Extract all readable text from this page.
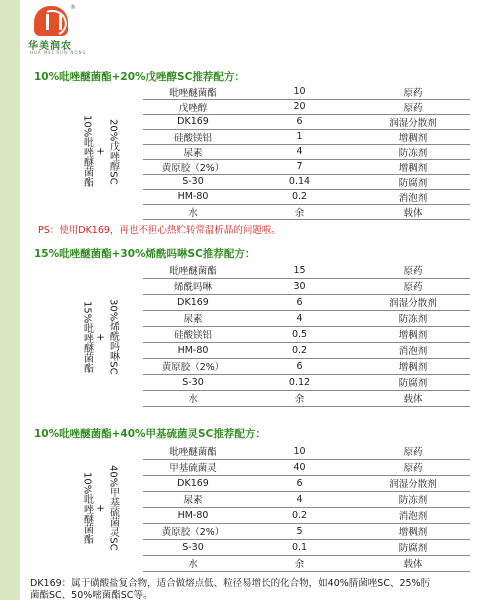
®
华美润农
HUA MEI RUN NONG
10%吡唑醚菌酯+20%戊唑醇SC推荐配方：
10%吡唑醚菌酯 + 20%戊唑醇SC
吡唑醚菌酯	10	原药
戊唑醇	20	原药
DK169	6	润湿分散剂
硅酸镁铝	1	增稠剂
尿素	4	防冻剂
黄原胶（2%）	7	增稠剂
S-30	0.14	防腐剂
HM-80	0.2	消泡剂
水	余	载体
PS：使用DK169，再也不担心热贮转常温析晶的问题啦。
15%吡唑醚菌酯+30%烯酰吗啉SC推荐配方：
15%吡唑醚菌酯 + 30%烯酰吗啉SC
吡唑醚菌酯	15	原药
烯酰吗啉	30	原药
DK169	6	润湿分散剂
尿素	4	防冻剂
硅酸镁铝	0.5	增稠剂
HM-80	0.2	消泡剂
黄原胶（2%）	6	增稠剂
S-30	0.12	防腐剂
水	余	载体
10%吡唑醚菌酯+40%甲基硫菌灵SC推荐配方：
10%吡唑醚菌酯 + 40%甲基硫菌灵SC
吡唑醚菌酯	10	原药
甲基硫菌灵	40	原药
DK169	6	润湿分散剂
尿素	4	防冻剂
HM-80	0.2	消泡剂
黄原胶（2%）	5	增稠剂
S-30	0.1	防腐剂
水	余	载体
DK169：属于磺酸盐复合物，适合做熔点低、粒径易增长的化合物，如40%腈菌唑SC、25%肟
菌酯SC、50%嘧菌酯SC等。
